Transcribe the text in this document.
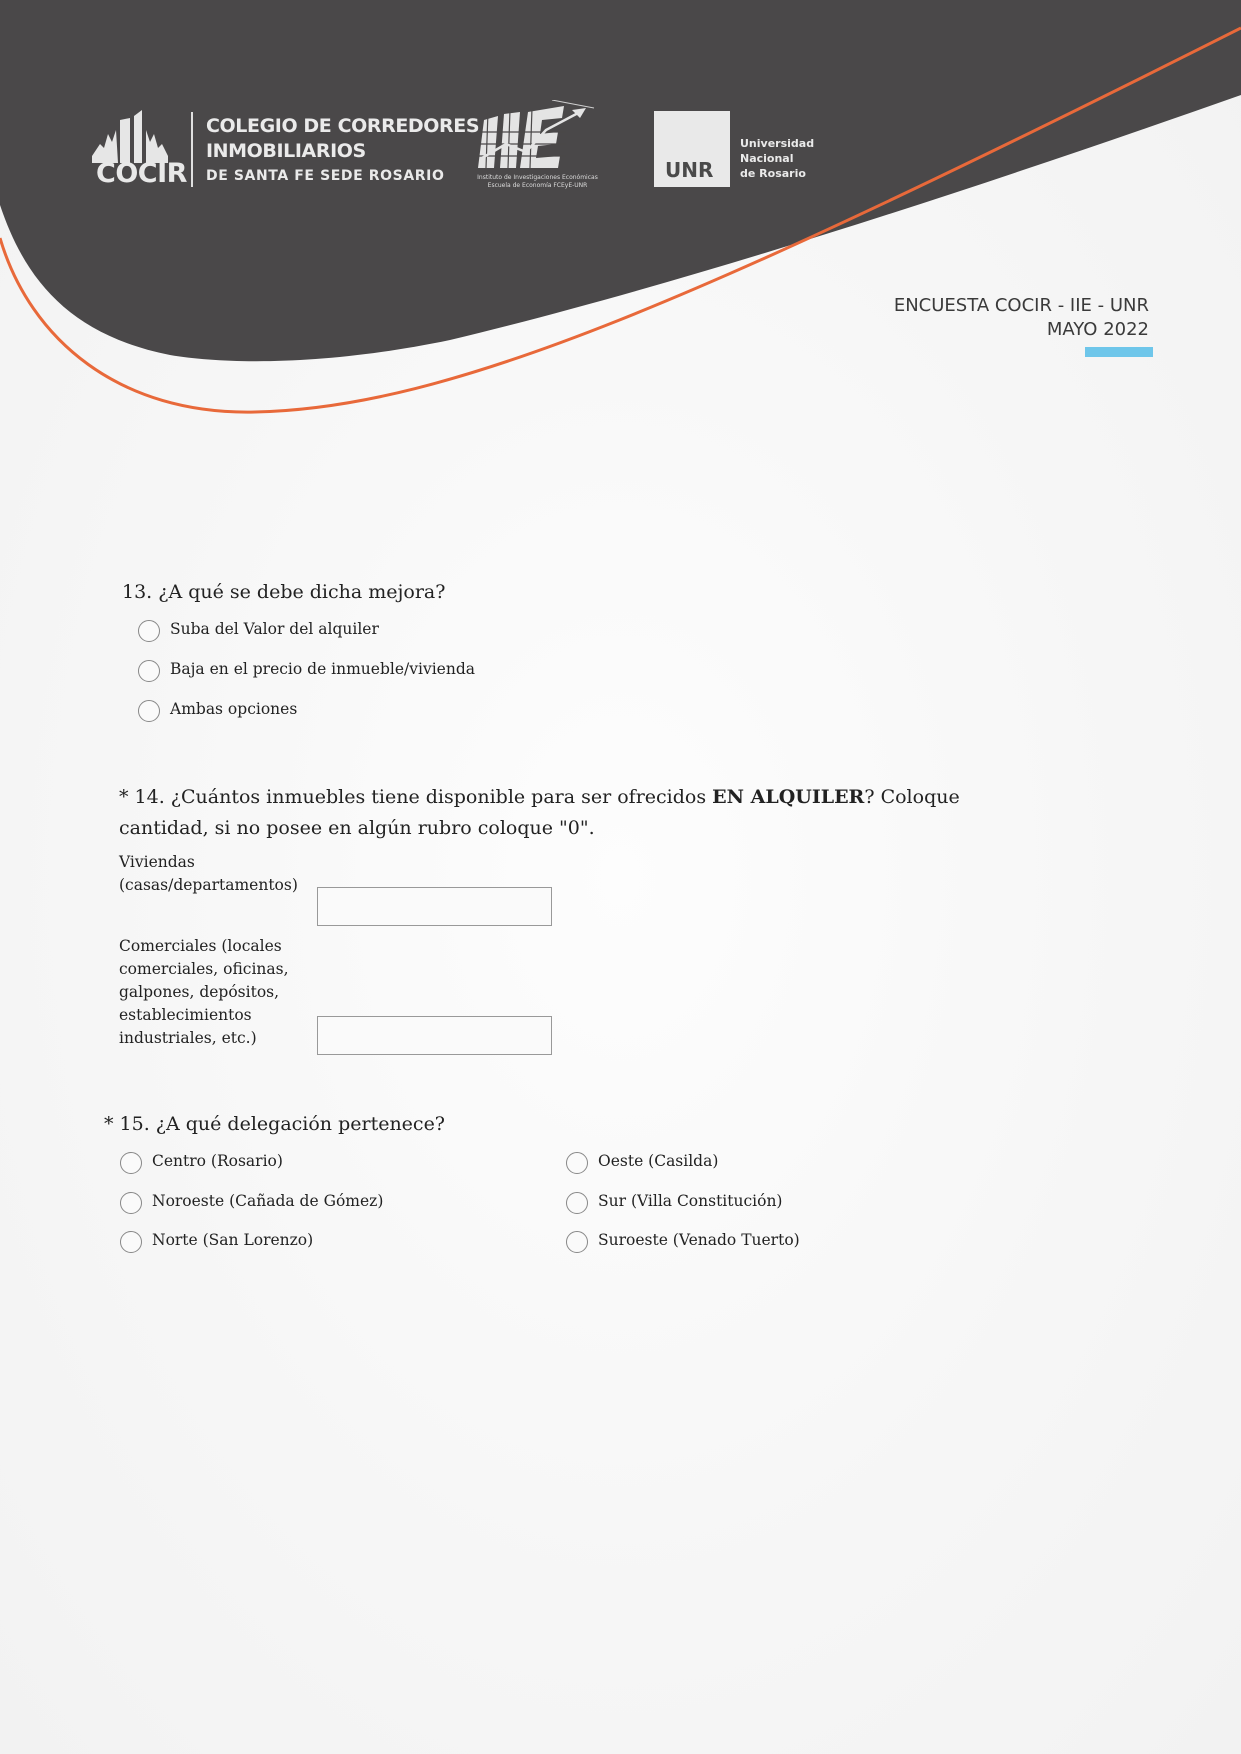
COCIR
COLEGIO DE CORREDORES
INMOBILIARIOS
DE SANTA FE SEDE ROSARIO	Instituto de Investigaciones Económicas
Escuela de Economía FCEyE-UNR
UNR
Universidad
Nacional
de Rosario
ENCUESTA COCIR - IIE - UNR
MAYO 2022
13. ¿A qué se debe dicha mejora?
Suba del Valor del alquiler
Baja en el precio de inmueble/vivienda
Ambas opciones
* 14. ¿Cuántos inmuebles tiene disponible para ser ofrecidos EN ALQUILER? Coloque
cantidad, si no posee en algún rubro coloque "0".
Viviendas (casas/departamentos)
Comerciales (locales comerciales, oficinas, galpones, depósitos, establecimientos industriales, etc.)
* 15. ¿A qué delegación pertenece?
Centro (Rosario)
Noroeste (Cañada de Gómez)
Norte (San Lorenzo)
Oeste (Casilda)
Sur (Villa Constitución)
Suroeste (Venado Tuerto)
